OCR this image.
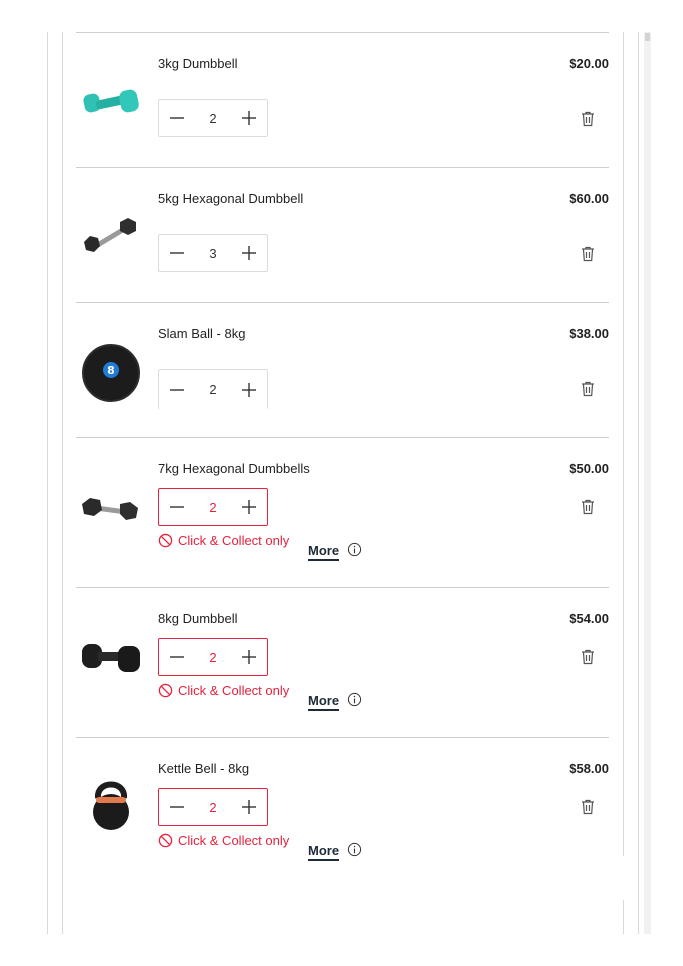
3kg Dumbbell	$20.00
2
5kg Hexagonal Dumbbell	$60.00
3
8
Slam Ball - 8kg	$38.00
2
7kg Hexagonal Dumbbells	$50.00
2
Click & Collect only
More
8kg Dumbbell	$54.00
2
Click & Collect only
More
Kettle Bell - 8kg	$58.00
2
Click & Collect only
More
